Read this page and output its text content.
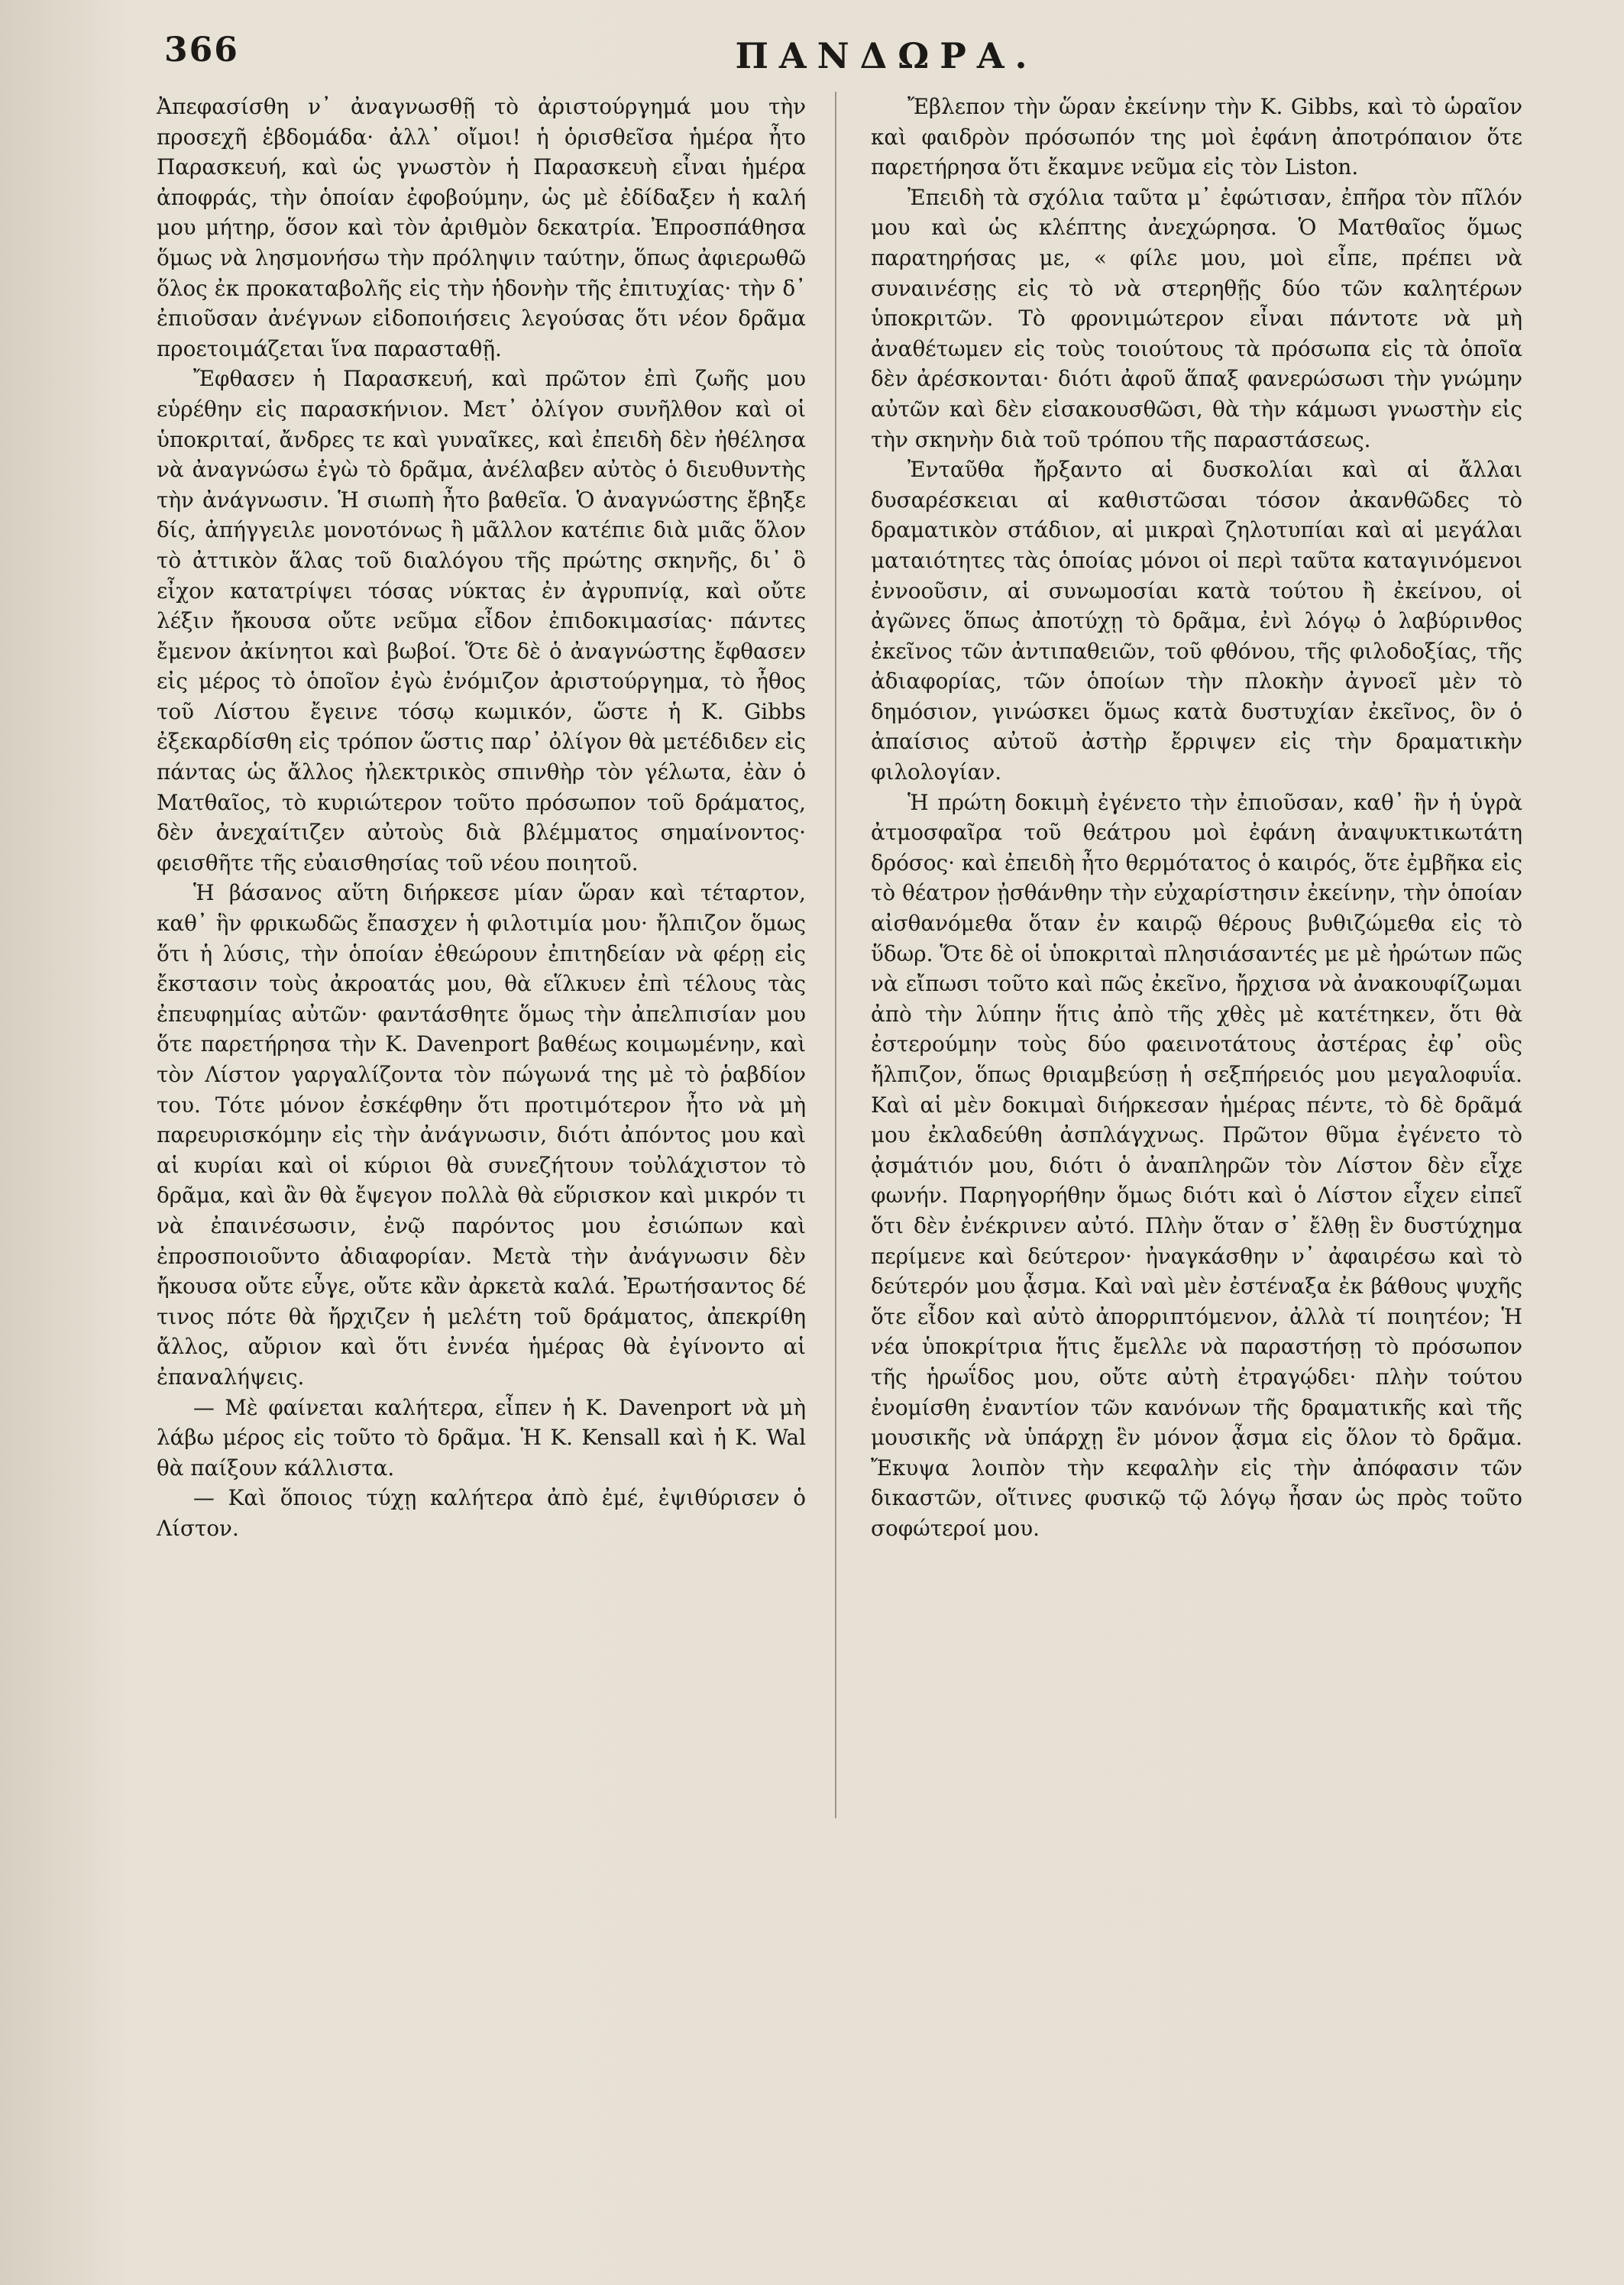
366	ΠΑΝΔΩΡΑ.

Ἀπεφασίσθη ν᾽ ἀναγνωσθῇ τὸ ἀριστούργημά μου τὴν προσεχῆ ἑβδομάδα· ἀλλ᾽ οἴμοι! ἡ ὁρισθεῖσα ἡμέρα ἦτο Παρασκευή, καὶ ὡς γνωστὸν ἡ Παρασκευὴ εἶναι ἡμέρα ἀποφράς, τὴν ὁποίαν ἐφοβούμην, ὡς μὲ ἐδίδαξεν ἡ καλή μου μήτηρ, ὅσον καὶ τὸν ἀριθμὸν δεκατρία. Ἐπροσπάθησα ὅμως νὰ λησμονήσω τὴν πρόληψιν ταύτην, ὅπως ἀφιερωθῶ ὅλος ἐκ προκαταβολῆς εἰς τὴν ἡδονὴν τῆς ἐπιτυχίας· τὴν δ᾽ ἐπιοῦσαν ἀνέγνων εἰδοποιήσεις λεγούσας ὅτι νέον δρᾶμα προετοιμάζεται ἵνα παρασταθῇ.

Ἔφθασεν ἡ Παρασκευή, καὶ πρῶτον ἐπὶ ζωῆς μου εὑρέθην εἰς παρασκήνιον. Μετ᾽ ὀλίγον συνῆλθον καὶ οἱ ὑποκριταί, ἄνδρες τε καὶ γυναῖκες, καὶ ἐπειδὴ δὲν ἠθέλησα νὰ ἀναγνώσω ἐγὼ τὸ δρᾶμα, ἀνέλαβεν αὐτὸς ὁ διευθυντὴς τὴν ἀνάγνωσιν. Ἡ σιωπὴ ἦτο βαθεῖα. Ὁ ἀναγνώστης ἔβηξε δίς, ἀπήγγειλε μονοτόνως ἢ μᾶλλον κατέπιε διὰ μιᾶς ὅλον τὸ ἀττικὸν ἅλας τοῦ διαλόγου τῆς πρώτης σκηνῆς, δι᾽ ὃ εἶχον κατατρίψει τόσας νύκτας ἐν ἀγρυπνίᾳ, καὶ οὔτε λέξιν ἤκουσα οὔτε νεῦμα εἶδον ἐπιδοκιμασίας· πάντες ἔμενον ἀκίνητοι καὶ βωβοί. Ὅτε δὲ ὁ ἀναγνώστης ἔφθασεν εἰς μέρος τὸ ὁποῖον ἐγὼ ἐνόμιζον ἀριστούργημα, τὸ ἦθος τοῦ Λίστου ἔγεινε τόσῳ κωμικόν, ὥστε ἡ Κ. Gibbs ἐξεκαρδίσθη εἰς τρόπον ὥστις παρ᾽ ὀλίγον θὰ μετέδιδεν εἰς πάντας ὡς ἄλλος ἠλεκτρικὸς σπινθὴρ τὸν γέλωτα, ἐὰν ὁ Ματθαῖος, τὸ κυριώτερον τοῦτο πρόσωπον τοῦ δράματος, δὲν ἀνεχαίτιζεν αὐτοὺς διὰ βλέμματος σημαίνοντος· φεισθῆτε τῆς εὐαισθησίας τοῦ νέου ποιητοῦ.

Ἡ βάσανος αὕτη διήρκεσε μίαν ὥραν καὶ τέταρτον, καθ᾽ ἣν φρικωδῶς ἔπασχεν ἡ φιλοτιμία μου· ἤλπιζον ὅμως ὅτι ἡ λύσις, τὴν ὁποίαν ἐθεώρουν ἐπιτηδείαν νὰ φέρῃ εἰς ἔκστασιν τοὺς ἀκροατάς μου, θὰ εἵλκυεν ἐπὶ τέλους τὰς ἐπευφημίας αὐτῶν· φαντάσθητε ὅμως τὴν ἀπελπισίαν μου ὅτε παρετήρησα τὴν Κ. Davenport βαθέως κοιμωμένην, καὶ τὸν Λίστον γαργαλίζοντα τὸν πώγωνά της μὲ τὸ ῥαβδίον του. Τότε μόνον ἐσκέφθην ὅτι προτιμότερον ἦτο νὰ μὴ παρευρισκόμην εἰς τὴν ἀνάγνωσιν, διότι ἀπόντος μου καὶ αἱ κυρίαι καὶ οἱ κύριοι θὰ συνεζήτουν τοὐλάχιστον τὸ δρᾶμα, καὶ ἂν θὰ ἔψεγον πολλὰ θὰ εὕρισκον καὶ μικρόν τι νὰ ἐπαινέσωσιν, ἐνῷ παρόντος μου ἐσιώπων καὶ ἐπροσποιοῦντο ἀδιαφορίαν. Μετὰ τὴν ἀνάγνωσιν δὲν ἤκουσα οὔτε εὖγε, οὔτε κἂν ἀρκετὰ καλά. Ἐρωτήσαντος δέ τινος πότε θὰ ἤρχιζεν ἡ μελέτη τοῦ δράματος, ἀπεκρίθη ἄλλος, αὔριον καὶ ὅτι ἐννέα ἡμέρας θὰ ἐγίνοντο αἱ ἐπαναλήψεις.

— Μὲ φαίνεται καλήτερα, εἶπεν ἡ Κ. Davenport νὰ μὴ λάβω μέρος εἰς τοῦτο τὸ δρᾶμα. Ἡ Κ. Kensall καὶ ἡ Κ. Wal θὰ παίξουν κάλλιστα.

— Καὶ ὅποιος τύχῃ καλήτερα ἀπὸ ἐμέ, ἐψιθύρισεν ὁ Λίστον.

Ἔβλεπον τὴν ὥραν ἐκείνην τὴν Κ. Gibbs, καὶ τὸ ὡραῖον καὶ φαιδρὸν πρόσωπόν της μοὶ ἐφάνη ἀποτρόπαιον ὅτε παρετήρησα ὅτι ἔκαμνε νεῦμα εἰς τὸν Liston.

Ἐπειδὴ τὰ σχόλια ταῦτα μ᾽ ἐφώτισαν, ἐπῆρα τὸν πῖλόν μου καὶ ὡς κλέπτης ἀνεχώρησα. Ὁ Ματθαῖος ὅμως παρατηρήσας με, « φίλε μου, μοὶ εἶπε, πρέπει νὰ συναινέσῃς εἰς τὸ νὰ στερηθῇς δύο τῶν καλητέρων ὑποκριτῶν. Τὸ φρονιμώτερον εἶναι πάντοτε νὰ μὴ ἀναθέτωμεν εἰς τοὺς τοιούτους τὰ πρόσωπα εἰς τὰ ὁποῖα δὲν ἀρέσκονται· διότι ἀφοῦ ἅπαξ φανερώσωσι τὴν γνώμην αὐτῶν καὶ δὲν εἰσακουσθῶσι, θὰ τὴν κάμωσι γνωστὴν εἰς τὴν σκηνὴν διὰ τοῦ τρόπου τῆς παραστάσεως.

Ἐνταῦθα ἤρξαντο αἱ δυσκολίαι καὶ αἱ ἄλλαι δυσαρέσκειαι αἱ καθιστῶσαι τόσον ἀκανθῶδες τὸ δραματικὸν στάδιον, αἱ μικραὶ ζηλοτυπίαι καὶ αἱ μεγάλαι ματαιότητες τὰς ὁποίας μόνοι οἱ περὶ ταῦτα καταγινόμενοι ἐννοοῦσιν, αἱ συνωμοσίαι κατὰ τούτου ἢ ἐκείνου, οἱ ἀγῶνες ὅπως ἀποτύχῃ τὸ δρᾶμα, ἐνὶ λόγῳ ὁ λαβύρινθος ἐκεῖνος τῶν ἀντιπαθειῶν, τοῦ φθόνου, τῆς φιλοδοξίας, τῆς ἀδιαφορίας, τῶν ὁποίων τὴν πλοκὴν ἀγνοεῖ μὲν τὸ δημόσιον, γινώσκει ὅμως κατὰ δυστυχίαν ἐκεῖνος, ὃν ὁ ἀπαίσιος αὐτοῦ ἀστὴρ ἔρριψεν εἰς τὴν δραματικὴν φιλολογίαν.

Ἡ πρώτη δοκιμὴ ἐγένετο τὴν ἐπιοῦσαν, καθ᾽ ἣν ἡ ὑγρὰ ἀτμοσφαῖρα τοῦ θεάτρου μοὶ ἐφάνη ἀναψυκτικωτάτη δρόσος· καὶ ἐπειδὴ ἦτο θερμότατος ὁ καιρός, ὅτε ἐμβῆκα εἰς τὸ θέατρον ᾐσθάνθην τὴν εὐχαρίστησιν ἐκείνην, τὴν ὁποίαν αἰσθανόμεθα ὅταν ἐν καιρῷ θέρους βυθιζώμεθα εἰς τὸ ὕδωρ. Ὅτε δὲ οἱ ὑποκριταὶ πλησιάσαντές με μὲ ἠρώτων πῶς νὰ εἴπωσι τοῦτο καὶ πῶς ἐκεῖνο, ἤρχισα νὰ ἀνακουφίζωμαι ἀπὸ τὴν λύπην ἥτις ἀπὸ τῆς χθὲς μὲ κατέτηκεν, ὅτι θὰ ἐστερούμην τοὺς δύο φαεινοτάτους ἀστέρας ἐφ᾽ οὓς ἤλπιζον, ὅπως θριαμβεύσῃ ἡ σεξπήρειός μου μεγαλοφυΐα. Καὶ αἱ μὲν δοκιμαὶ διήρκεσαν ἡμέρας πέντε, τὸ δὲ δρᾶμά μου ἐκλαδεύθη ἀσπλάγχνως. Πρῶτον θῦμα ἐγένετο τὸ ᾀσμάτιόν μου, διότι ὁ ἀναπληρῶν τὸν Λίστον δὲν εἶχε φωνήν. Παρηγορήθην ὅμως διότι καὶ ὁ Λίστον εἶχεν εἰπεῖ ὅτι δὲν ἐνέκρινεν αὐτό. Πλὴν ὅταν σ᾽ ἔλθῃ ἓν δυστύχημα περίμενε καὶ δεύτερον· ἠναγκάσθην ν᾽ ἀφαιρέσω καὶ τὸ δεύτερόν μου ᾆσμα. Καὶ ναὶ μὲν ἐστέναξα ἐκ βάθους ψυχῆς ὅτε εἶδον καὶ αὐτὸ ἀπορριπτόμενον, ἀλλὰ τί ποιητέον; Ἡ νέα ὑποκρίτρια ἥτις ἔμελλε νὰ παραστήσῃ τὸ πρόσωπον τῆς ἡρωΐδος μου, οὔτε αὐτὴ ἐτραγῴδει· πλὴν τούτου ἐνομίσθη ἐναντίον τῶν κανόνων τῆς δραματικῆς καὶ τῆς μουσικῆς νὰ ὑπάρχῃ ἓν μόνον ᾆσμα εἰς ὅλον τὸ δρᾶμα. Ἔκυψα λοιπὸν τὴν κεφαλὴν εἰς τὴν ἀπόφασιν τῶν δικαστῶν, οἵτινες φυσικῷ τῷ λόγῳ ἦσαν ὡς πρὸς τοῦτο σοφώτεροί μου.
